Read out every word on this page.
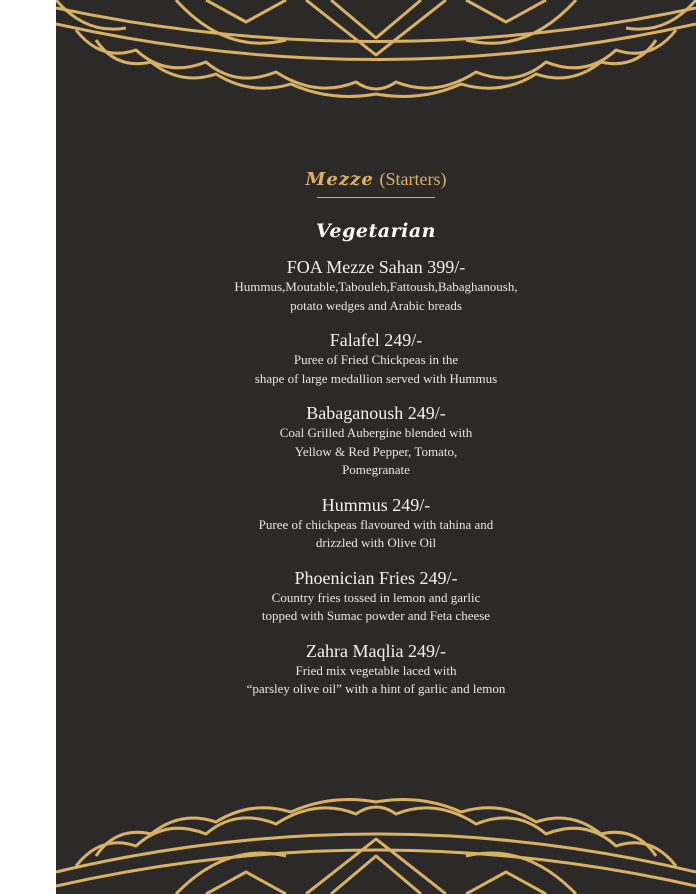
Mezze (Starters)
Vegetarian
FOA Mezze Sahan 399/-
Hummus,Moutable,Tabouleh,Fattoush,Babaghanoush,
potato wedges and Arabic breads
Falafel 249/-
Puree of Fried Chickpeas in the
shape of large medallion served with Hummus
Babaganoush 249/-
Coal Grilled Aubergine blended with
Yellow & Red Pepper, Tomato,
Pomegranate
Hummus 249/-
Puree of chickpeas flavoured with tahina and
drizzled with Olive Oil
Phoenician Fries 249/-
Country fries tossed in lemon and garlic
topped with Sumac powder and Feta cheese
Zahra Maqlia 249/-
Fried mix vegetable laced with
“parsley olive oil” with a hint of garlic and lemon
